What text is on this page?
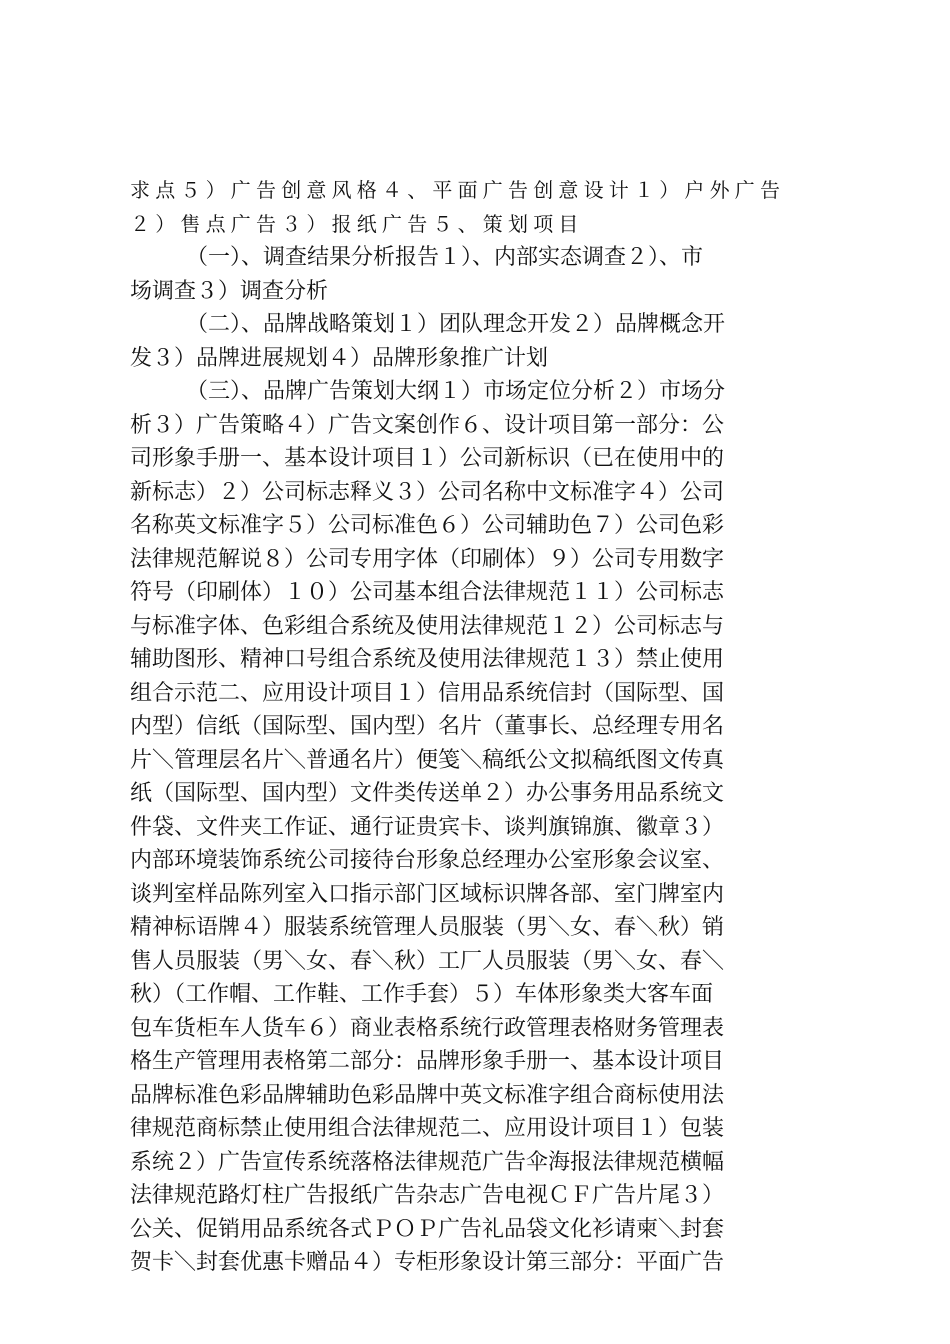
求点５）广告创意风格４、平面广告创意设计１）户外广告
２）售点广告３）报纸广告５、策划项目
（一）、调查结果分析报告１）、内部实态调查２）、市
场调查３）调查分析
（二）、品牌战略策划１）团队理念开发２）品牌概念开
发３）品牌进展规划４）品牌形象推广计划
（三）、品牌广告策划大纲１）市场定位分析２）市场分
析３）广告策略４）广告文案创作６、设计项目第一部分：公
司形象手册一、基本设计项目１）公司新标识（已在使用中的
新标志）２）公司标志释义３）公司名称中文标准字４）公司
名称英文标准字５）公司标准色６）公司辅助色７）公司色彩
法律规范解说８）公司专用字体（印刷体）９）公司专用数字
符号（印刷体）１０）公司基本组合法律规范１１）公司标志
与标准字体、色彩组合系统及使用法律规范１２）公司标志与
辅助图形、精神口号组合系统及使用法律规范１３）禁止使用
组合示范二、应用设计项目１）信用品系统信封（国际型、国
内型）信纸（国际型、国内型）名片（董事长、总经理专用名
片＼管理层名片＼普通名片）便笺＼稿纸公文拟稿纸图文传真
纸（国际型、国内型）文件类传送单２）办公事务用品系统文
件袋、文件夹工作证、通行证贵宾卡、谈判旗锦旗、徽章３）
内部环境装饰系统公司接待台形象总经理办公室形象会议室、
谈判室样品陈列室入口指示部门区域标识牌各部、室门牌室内
精神标语牌４）服装系统管理人员服装（男＼女、春＼秋）销
售人员服装（男＼女、春＼秋）工厂人员服装（男＼女、春＼
秋）（工作帽、工作鞋、工作手套）５）车体形象类大客车面
包车货柜车人货车６）商业表格系统行政管理表格财务管理表
格生产管理用表格第二部分：品牌形象手册一、基本设计项目
品牌标准色彩品牌辅助色彩品牌中英文标准字组合商标使用法
律规范商标禁止使用组合法律规范二、应用设计项目１）包装
系统２）广告宣传系统落格法律规范广告伞海报法律规范横幅
法律规范路灯柱广告报纸广告杂志广告电视ＣＦ广告片尾３）
公关、促销用品系统各式ＰＯＰ广告礼品袋文化衫请柬＼封套
贺卡＼封套优惠卡赠品４）专柜形象设计第三部分：平面广告
